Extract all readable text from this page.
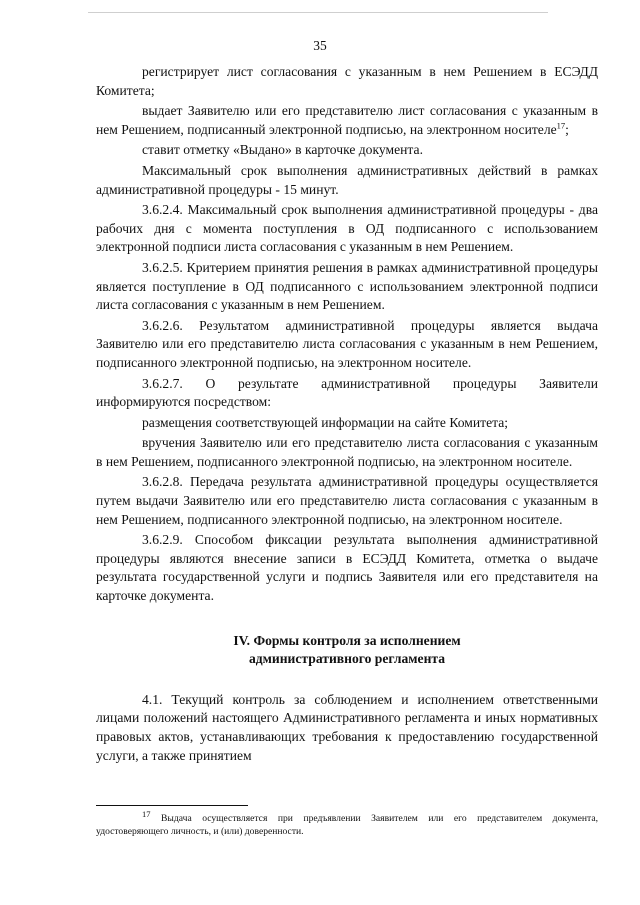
35

регистрирует лист согласования с указанным в нем Решением в ЕСЭДД Комитета;

выдает Заявителю или его представителю лист согласования с указанным в нем Решением, подписанный электронной подписью, на электронном носителе$^{17}$;

ставит отметку «Выдано» в карточке документа.

Максимальный срок выполнения административных действий в рамках административной процедуры - 15 минут.

3.6.2.4. Максимальный срок выполнения административной процедуры - два рабочих дня с момента поступления в ОД подписанного с использованием электронной подписи листа согласования с указанным в нем Решением.

3.6.2.5. Критерием принятия решения в рамках административной процедуры является поступление в ОД подписанного с использованием электронной подписи листа согласования с указанным в нем Решением.

3.6.2.6. Результатом административной процедуры является выдача Заявителю или его представителю листа согласования с указанным в нем Решением, подписанного электронной подписью, на электронном носителе.

3.6.2.7. О результате административной процедуры Заявители информируются посредством:

размещения соответствующей информации на сайте Комитета;

вручения Заявителю или его представителю листа согласования с указанным в нем Решением, подписанного электронной подписью, на электронном носителе.

3.6.2.8. Передача результата административной процедуры осуществляется путем выдачи Заявителю или его представителю листа согласования с указанным в нем Решением, подписанного электронной подписью, на электронном носителе.

3.6.2.9. Способом фиксации результата выполнения административной процедуры являются внесение записи в ЕСЭДД Комитета, отметка о выдаче результата государственной услуги и подпись Заявителя или его представителя на карточке документа.

IV. Формы контроля за исполнением
административного регламента

4.1. Текущий контроль за соблюдением и исполнением ответственными лицами положений настоящего Административного регламента и иных нормативных правовых актов, устанавливающих требования к предоставлению государственной услуги, а также принятием

$^{17}$ Выдача осуществляется при предъявлении Заявителем или его представителем документа, удостоверяющего личность, и (или) доверенности.
